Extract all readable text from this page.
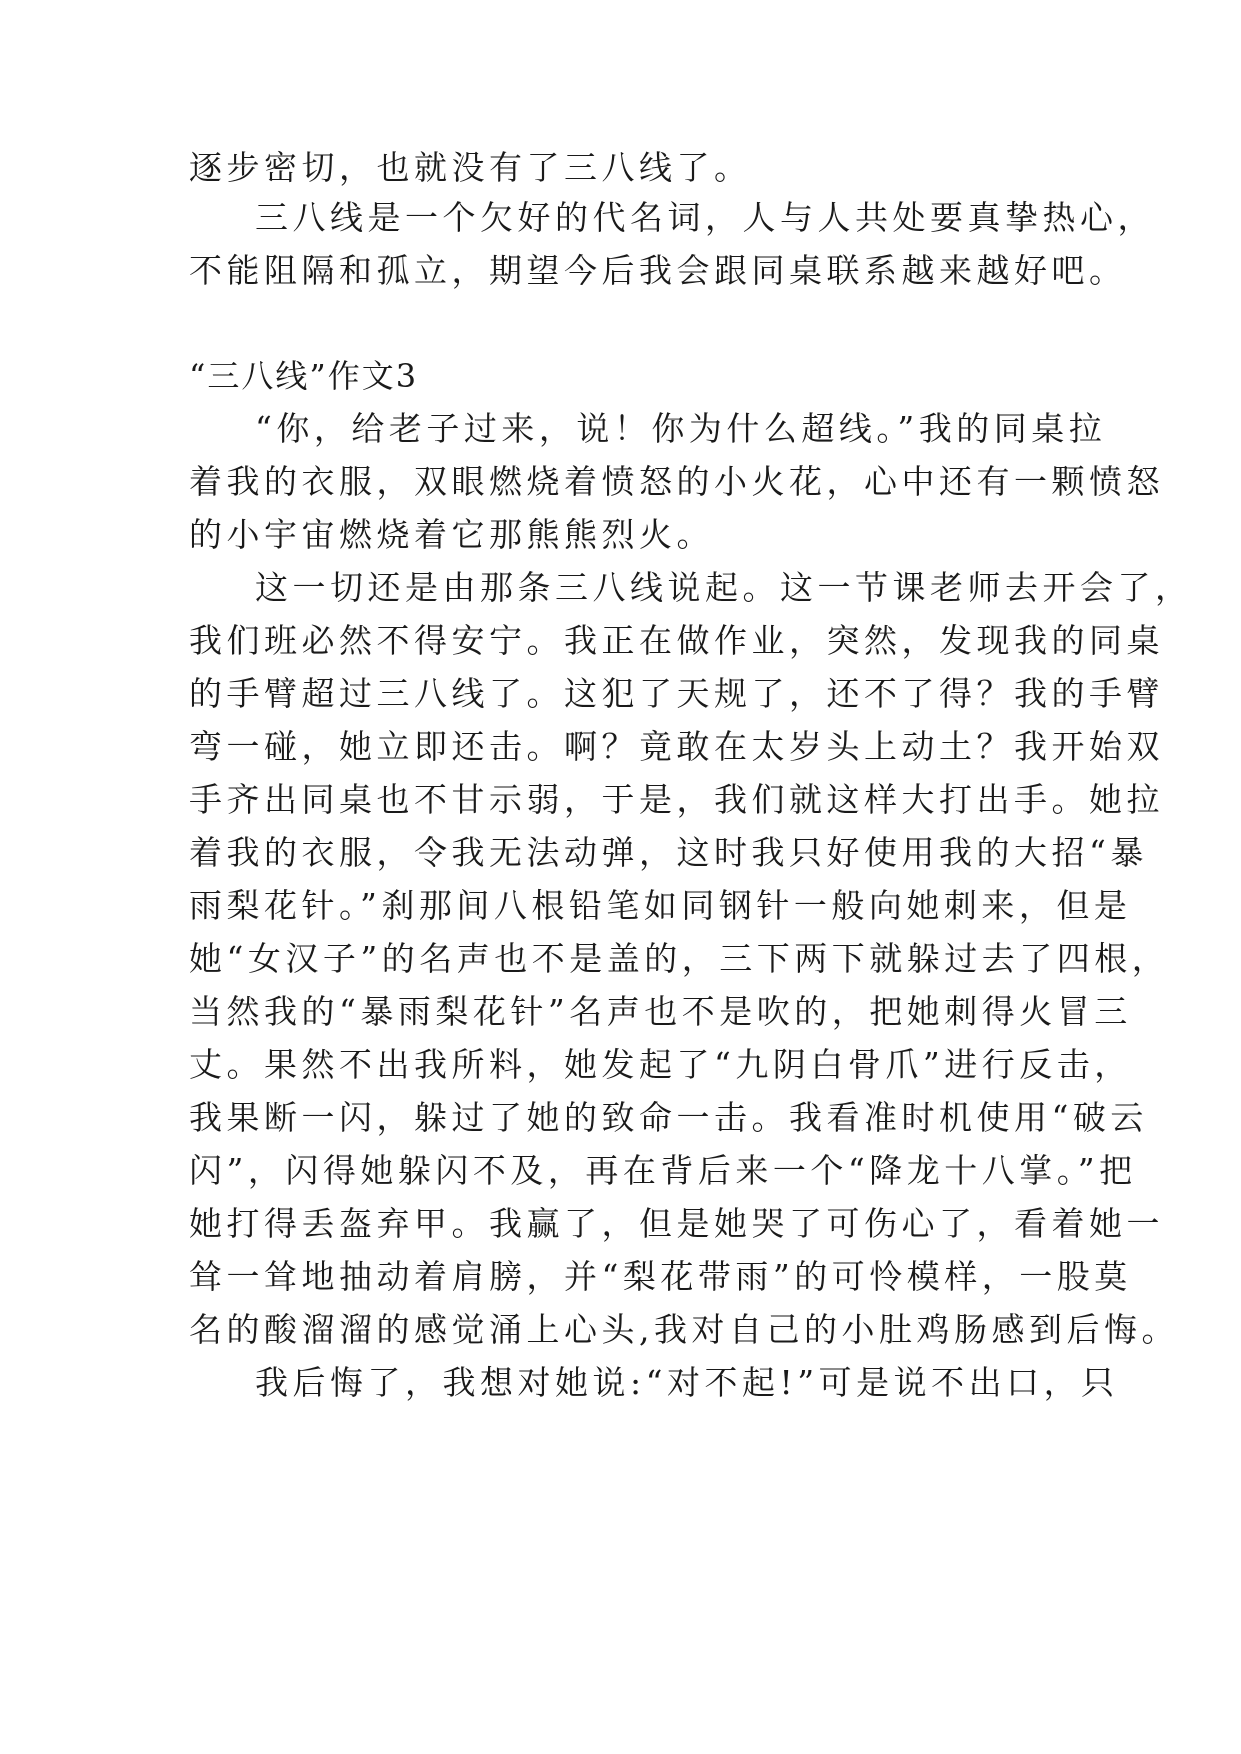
逐步密切，也就没有了三八线了。
三八线是一个欠好的代名词，人与人共处要真挚热心，
不能阻隔和孤立，期望今后我会跟同桌联系越来越好吧。
“三八线”作文3
“你，给老子过来，说！你为什么超线。”我的同桌拉
着我的衣服，双眼燃烧着愤怒的小火花，心中还有一颗愤怒
的小宇宙燃烧着它那熊熊烈火。
这一切还是由那条三八线说起。这一节课老师去开会了，
我们班必然不得安宁。我正在做作业，突然，发现我的同桌
的手臂超过三八线了。这犯了天规了，还不了得？我的手臂
弯一碰，她立即还击。啊？竟敢在太岁头上动土？我开始双
手齐出同桌也不甘示弱，于是，我们就这样大打出手。她拉
着我的衣服，令我无法动弹，这时我只好使用我的大招“暴
雨梨花针。”刹那间八根铅笔如同钢针一般向她刺来，但是
她“女汉子”的名声也不是盖的，三下两下就躲过去了四根，
当然我的“暴雨梨花针”名声也不是吹的，把她刺得火冒三
丈。果然不出我所料，她发起了“九阴白骨爪”进行反击，
我果断一闪，躲过了她的致命一击。我看准时机使用“破云
闪”，闪得她躲闪不及，再在背后来一个“降龙十八掌。”把
她打得丢盔弃甲。我赢了，但是她哭了可伤心了，看着她一
耸一耸地抽动着肩膀，并“梨花带雨”的可怜模样，一股莫
名的酸溜溜的感觉涌上心头,我对自己的小肚鸡肠感到后悔。
我后悔了，我想对她说:“对不起!”可是说不出口，只
